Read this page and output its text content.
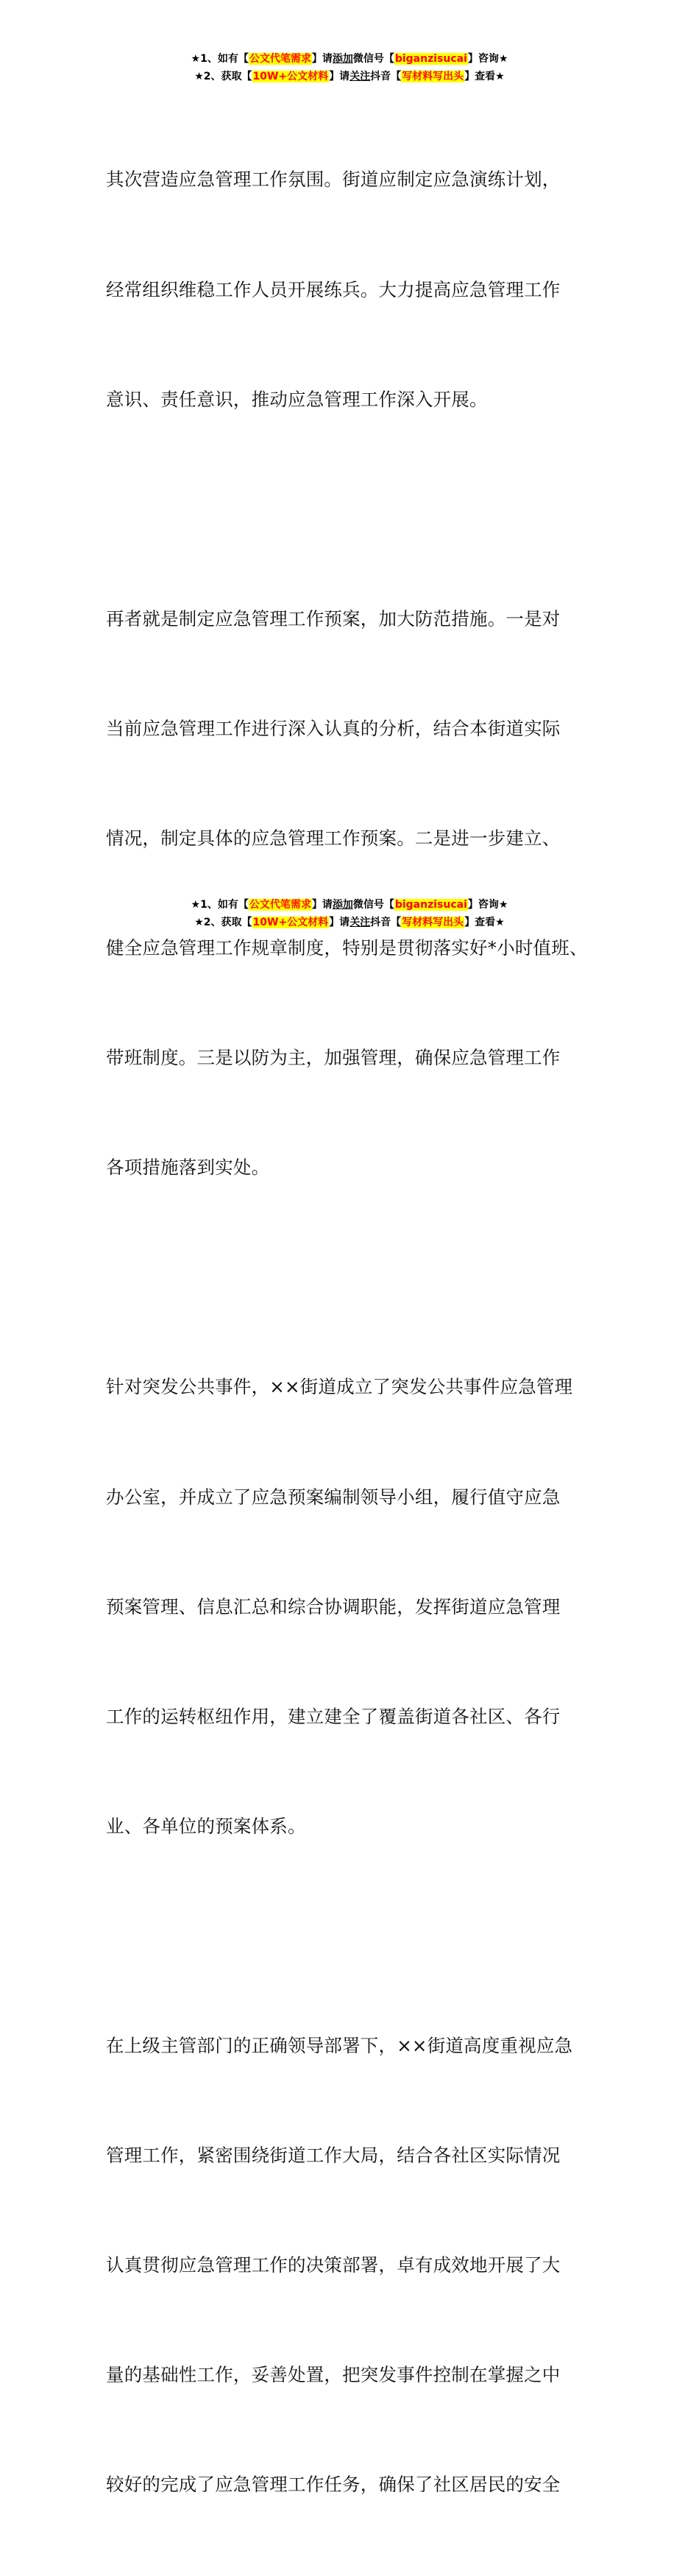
★1、如有【公文代笔需求】请添加微信号【biganzisucai】咨询★
★2、获取【10W+公文材料】请关注抖音【写材料写出头】查看★

其次营造应急管理工作氛围。街道应制定应急演练计划，

经常组织维稳工作人员开展练兵。大力提高应急管理工作

意识、责任意识，推动应急管理工作深入开展。

再者就是制定应急管理工作预案，加大防范措施。一是对

当前应急管理工作进行深入认真的分析，结合本街道实际

情况，制定具体的应急管理工作预案。二是进一步建立、

健全应急管理工作规章制度，特别是贯彻落实好*小时值班、

带班制度。三是以防为主，加强管理，确保应急管理工作

各项措施落到实处。

针对突发公共事件，××街道成立了突发公共事件应急管理

办公室，并成立了应急预案编制领导小组，履行值守应急

预案管理、信息汇总和综合协调职能，发挥街道应急管理

工作的运转枢纽作用，建立建全了覆盖街道各社区、各行

业、各单位的预案体系。

在上级主管部门的正确领导部署下，××街道高度重视应急

管理工作，紧密围绕街道工作大局，结合各社区实际情况

认真贯彻应急管理工作的决策部署，卓有成效地开展了大

量的基础性工作，妥善处置，把突发事件控制在掌握之中

较好的完成了应急管理工作任务，确保了社区居民的安全

★1、如有【公文代笔需求】请添加微信号【biganzisucai】咨询★
★2、获取【10W+公文材料】请关注抖音【写材料写出头】查看★
